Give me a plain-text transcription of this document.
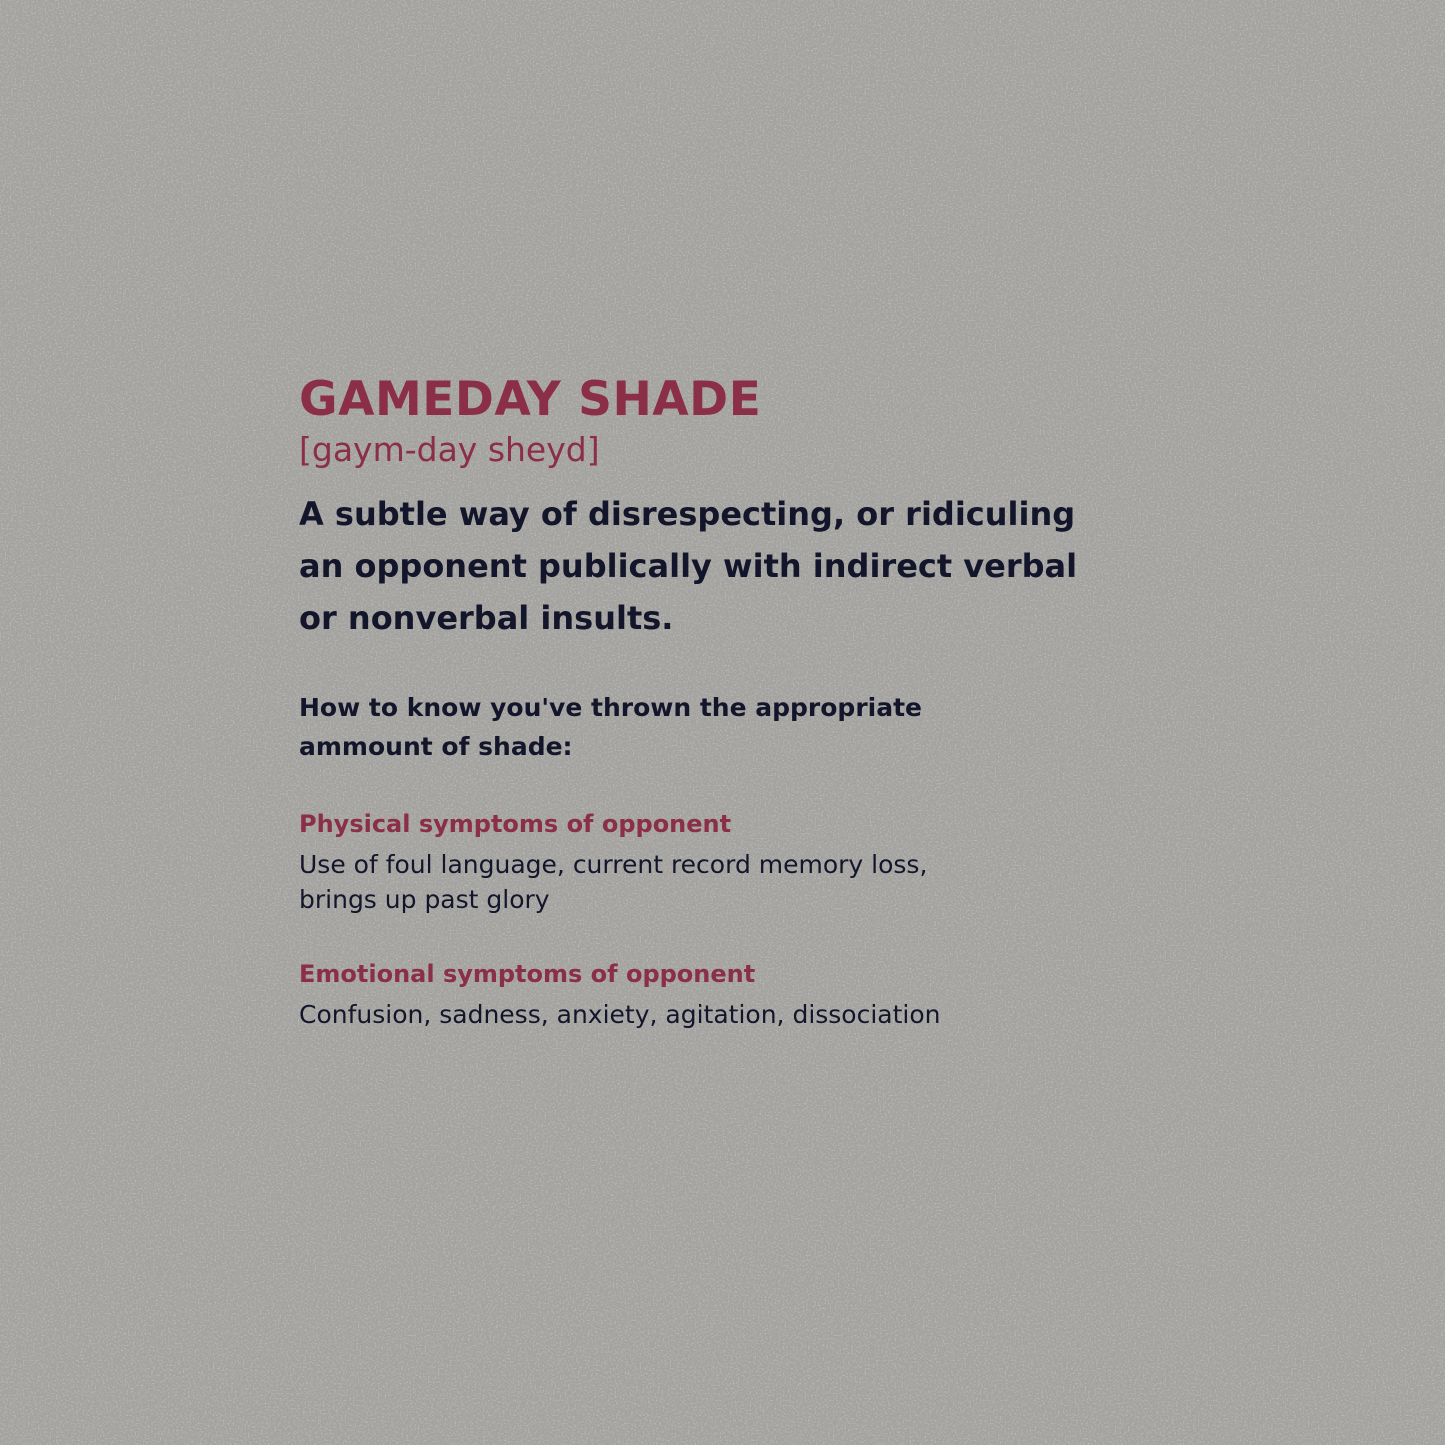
GAMEDAY SHADE

[gaym-day sheyd]

A subtle way of disrespecting, or ridiculing
an opponent publically with indirect verbal
or nonverbal insults.
How to know you've thrown the appropriate
ammount of shade:
Physical symptoms of opponent
Use of foul language, current record memory loss,
brings up past glory
Emotional symptoms of opponent
Confusion, sadness, anxiety, agitation, dissociation
